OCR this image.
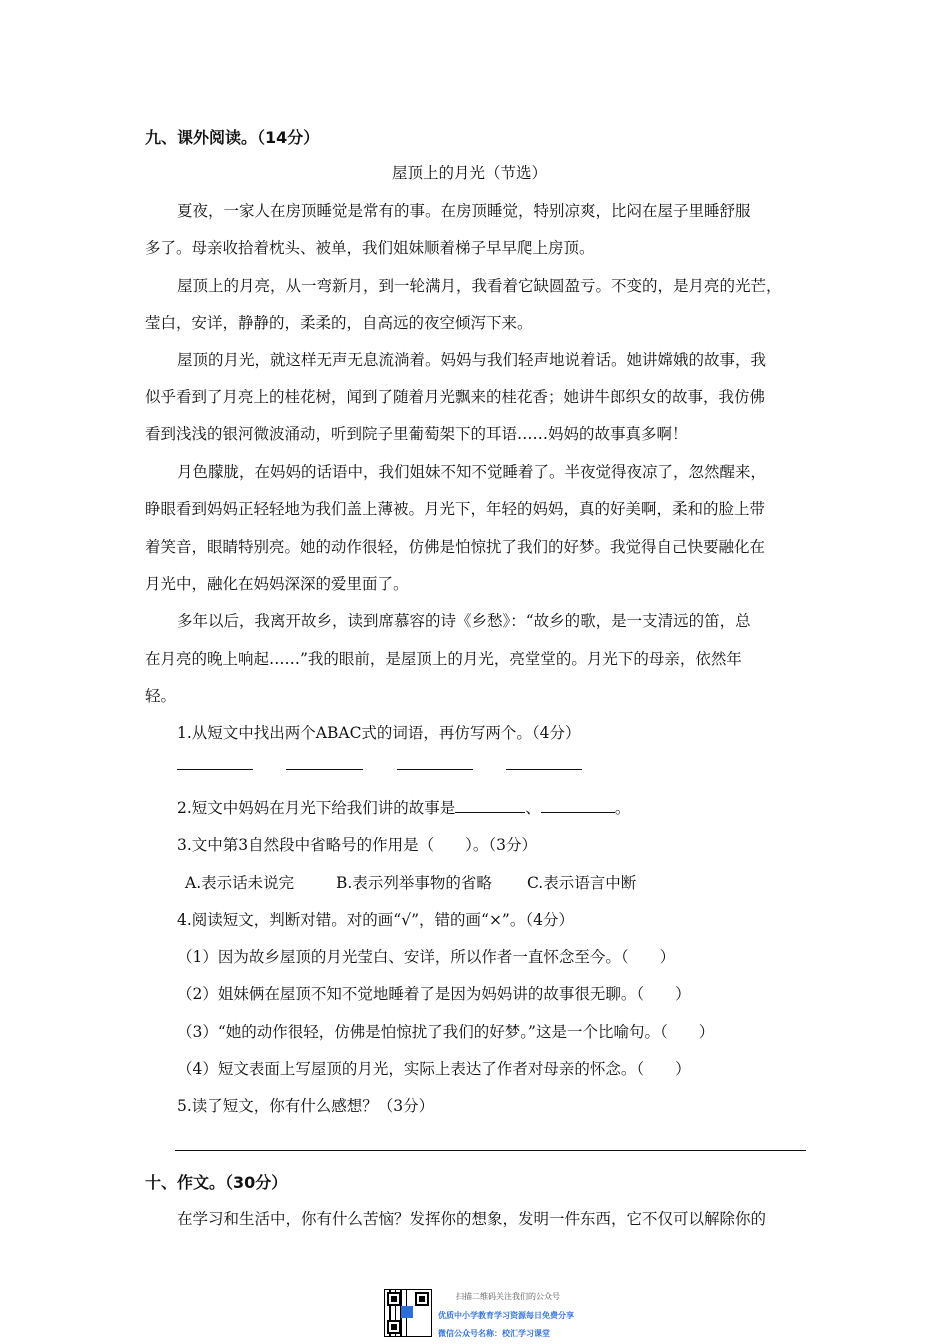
九、课外阅读。（14分）
屋顶上的月光（节选）
夏夜，一家人在房顶睡觉是常有的事。在房顶睡觉，特别凉爽，比闷在屋子里睡舒服
多了。母亲收拾着枕头、被单，我们姐妹顺着梯子早早爬上房顶。
屋顶上的月亮，从一弯新月，到一轮满月，我看着它缺圆盈亏。不变的，是月亮的光芒，
莹白，安详，静静的，柔柔的，自高远的夜空倾泻下来。
屋顶的月光，就这样无声无息流淌着。妈妈与我们轻声地说着话。她讲嫦娥的故事，我
似乎看到了月亮上的桂花树，闻到了随着月光飘来的桂花香；她讲牛郎织女的故事，我仿佛
看到浅浅的银河微波涌动，听到院子里葡萄架下的耳语……妈妈的故事真多啊！
月色朦胧，在妈妈的话语中，我们姐妹不知不觉睡着了。半夜觉得夜凉了，忽然醒来，
睁眼看到妈妈正轻轻地为我们盖上薄被。月光下，年轻的妈妈，真的好美啊，柔和的脸上带
着笑音，眼睛特别亮。她的动作很轻，仿佛是怕惊扰了我们的好梦。我觉得自己快要融化在
月光中，融化在妈妈深深的爱里面了。
多年以后，我离开故乡，读到席慕容的诗《乡愁》：“故乡的歌，是一支清远的笛，总
在月亮的晚上响起……”我的眼前，是屋顶上的月光，亮堂堂的。月光下的母亲，依然年
轻。
1.从短文中找出两个ABAC式的词语，再仿写两个。（4分）
2.短文中妈妈在月光下给我们讲的故事是	、	。
3.文中第3自然段中省略号的作用是（　　）。（3分）
A.表示话未说完	B.表示列举事物的省略 C.表示语言中断
4.阅读短文，判断对错。对的画“√”，错的画“×”。（4分）
（1）因为故乡屋顶的月光莹白、安详，所以作者一直怀念至今。（　　）
（2）姐妹俩在屋顶不知不觉地睡着了是因为妈妈讲的故事很无聊。（　　）
（3）“她的动作很轻，仿佛是怕惊扰了我们的好梦。”这是一个比喻句。（　　）
（4）短文表面上写屋顶的月光，实际上表达了作者对母亲的怀念。（　　）
5.读了短文，你有什么感想？（3分）
十、作文。（30分）
在学习和生活中，你有什么苦恼？发挥你的想象，发明一件东西，它不仅可以解除你的
扫描二维码关注我们的公众号
优质中小学教育学习资源每日免费分享
微信公众号名称：校汇学习课堂
